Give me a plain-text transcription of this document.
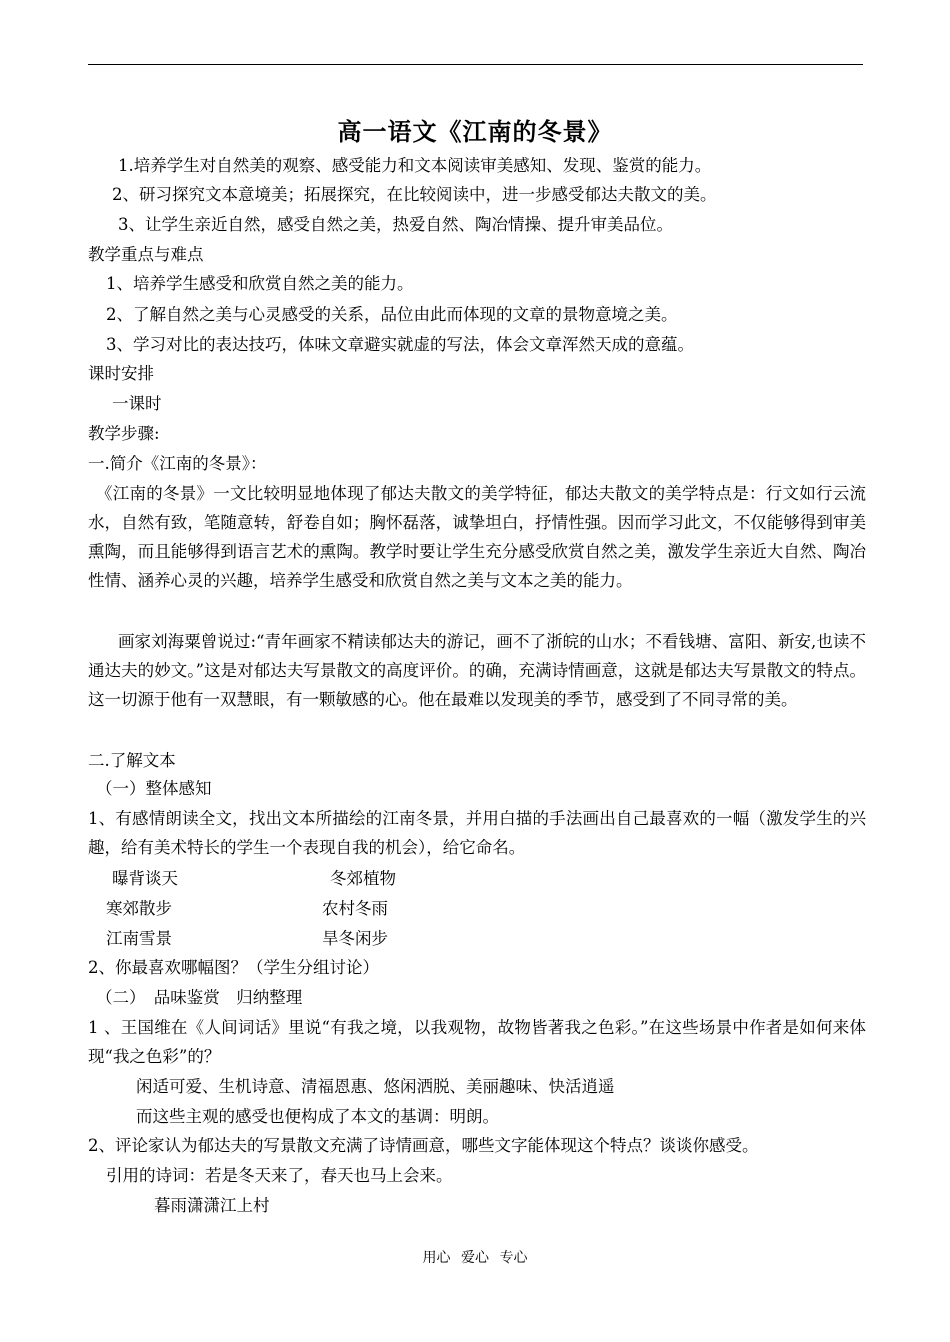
高一语文《江南的冬景》
1.培养学生对自然美的观察、感受能力和文本阅读审美感知、发现、鉴赏的能力。
2、研习探究文本意境美；拓展探究，在比较阅读中，进一步感受郁达夫散文的美。
3、让学生亲近自然，感受自然之美，热爱自然、陶冶情操、提升审美品位。
教学重点与难点
1、培养学生感受和欣赏自然之美的能力。
2、了解自然之美与心灵感受的关系，品位由此而体现的文章的景物意境之美。
3、学习对比的表达技巧，体味文章避实就虚的写法，体会文章浑然天成的意蕴。
课时安排
一课时
教学步骤:
一.简介《江南的冬景》：
《江南的冬景》一文比较明显地体现了郁达夫散文的美学特征，郁达夫散文的美学特点是：行文如行云流水，自然有致，笔随意转，舒卷自如；胸怀磊落，诚挚坦白，抒情性强。因而学习此文，不仅能够得到审美熏陶，而且能够得到语言艺术的熏陶。教学时要让学生充分感受欣赏自然之美，激发学生亲近大自然、陶冶性情、涵养心灵的兴趣，培养学生感受和欣赏自然之美与文本之美的能力。
画家刘海粟曾说过:“青年画家不精读郁达夫的游记，画不了浙皖的山水；不看钱塘、富阳、新安,也读不通达夫的妙文。”这是对郁达夫写景散文的高度评价。的确，充满诗情画意，这就是郁达夫写景散文的特点。这一切源于他有一双慧眼，有一颗敏感的心。他在最难以发现美的季节，感受到了不同寻常的美。
二.了解文本
（一）整体感知
1、有感情朗读全文，找出文本所描绘的江南冬景，并用白描的手法画出自己最喜欢的一幅（激发学生的兴趣，给有美术特长的学生一个表现自我的机会），给它命名。
曝背谈天	冬郊植物
寒郊散步	农村冬雨
江南雪景	旱冬闲步
2、你最喜欢哪幅图？（学生分组讨论）
（二）　品味鉴赏　归纳整理
1 、王国维在《人间词话》里说“有我之境，以我观物，故物皆著我之色彩。”在这些场景中作者是如何来体现“我之色彩”的？
闲适可爱、生机诗意、清福恩惠、悠闲洒脱、美丽趣味、快活逍遥
而这些主观的感受也便构成了本文的基调：明朗。
2、评论家认为郁达夫的写景散文充满了诗情画意，哪些文字能体现这个特点？谈谈你感受。
引用的诗词：若是冬天来了，春天也马上会来。
暮雨潇潇江上村
用心 爱心 专心
